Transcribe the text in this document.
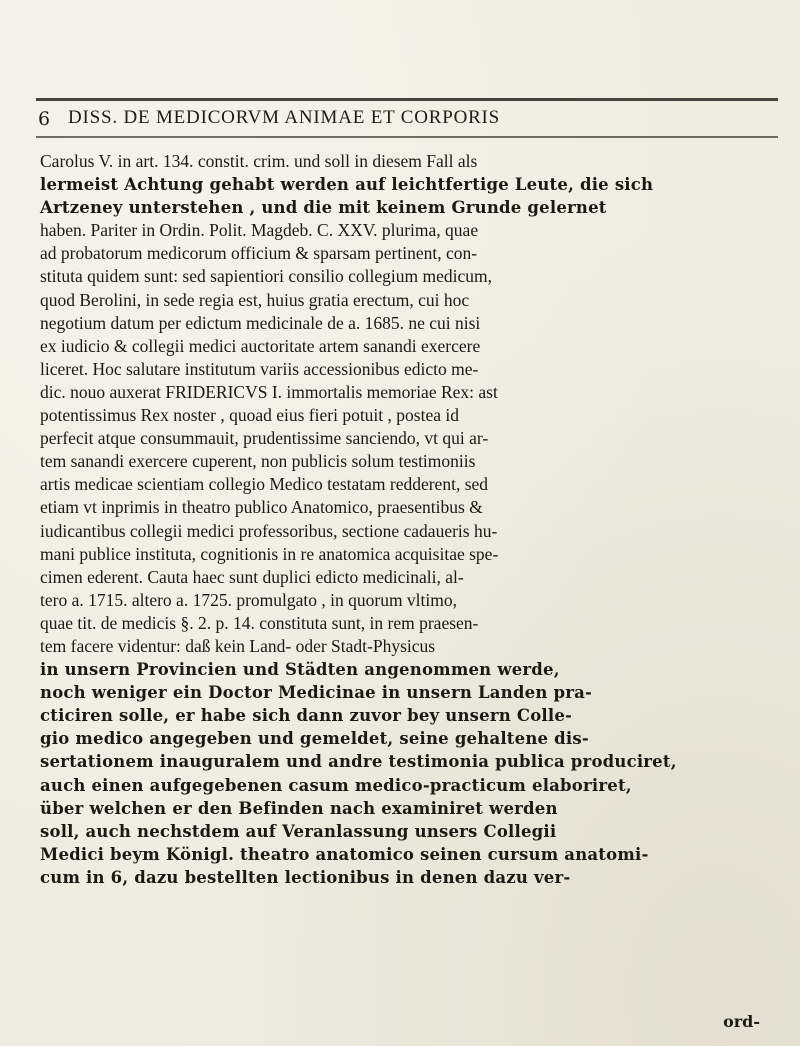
6 DISS. DE MEDICORVM ANIMAE ET CORPORIS
Carolus V. in art. 134. constit. crim. und soll in diesem Fall als
lermeist Achtung gehabt werden auf leichtfertige Leute, die sich
Artzeney unterstehen , und die mit keinem Grunde gelernet
haben. Pariter in Ordin. Polit. Magdeb. C. XXV. plurima, quae
ad probatorum medicorum officium & sparsam pertinent, con-
stituta quidem sunt: sed sapientiori consilio collegium medicum,
quod Berolini, in sede regia est, huius gratia erectum, cui hoc
negotium datum per edictum medicinale de a. 1685. ne cui nisi
ex iudicio & collegii medici auctoritate artem sanandi exercere
liceret. Hoc salutare institutum variis accessionibus edicto me-
dic. nouo auxerat FRIDERICVS I. immortalis memoriae Rex: ast
potentissimus Rex noster , quoad eius fieri potuit , postea id
perfecit atque consummauit, prudentissime sanciendo, vt qui ar-
tem sanandi exercere cuperent, non publicis solum testimoniis
artis medicae scientiam collegio Medico testatam redderent, sed
etiam vt inprimis in theatro publico Anatomico, praesentibus &
iudicantibus collegii medici professoribus, sectione cadaueris hu-
mani publice instituta, cognitionis in re anatomica acquisitae spe-
cimen ederent. Cauta haec sunt duplici edicto medicinali, al-
tero a. 1715. altero a. 1725. promulgato , in quorum vltimo,
quae tit. de medicis §. 2. p. 14. constituta sunt, in rem praesen-
tem facere videntur: daß kein Land- oder Stadt-Physicus
in unsern Provincien und Städten angenommen werde,
noch weniger ein Doctor Medicinae in unsern Landen pra-
cticiren solle, er habe sich dann zuvor bey unsern Colle-
gio medico angegeben und gemeldet, seine gehaltene dis-
sertationem inauguralem und andre testimonia publica produciret,
auch einen aufgegebenen casum medico-practicum elaboriret,
über welchen er den Befinden nach examiniret werden
soll, auch nechstdem auf Veranlassung unsers Collegii
Medici beym Königl. theatro anatomico seinen cursum anatomi-
cum in 6, dazu bestellten lectionibus in denen dazu ver-
ord-
